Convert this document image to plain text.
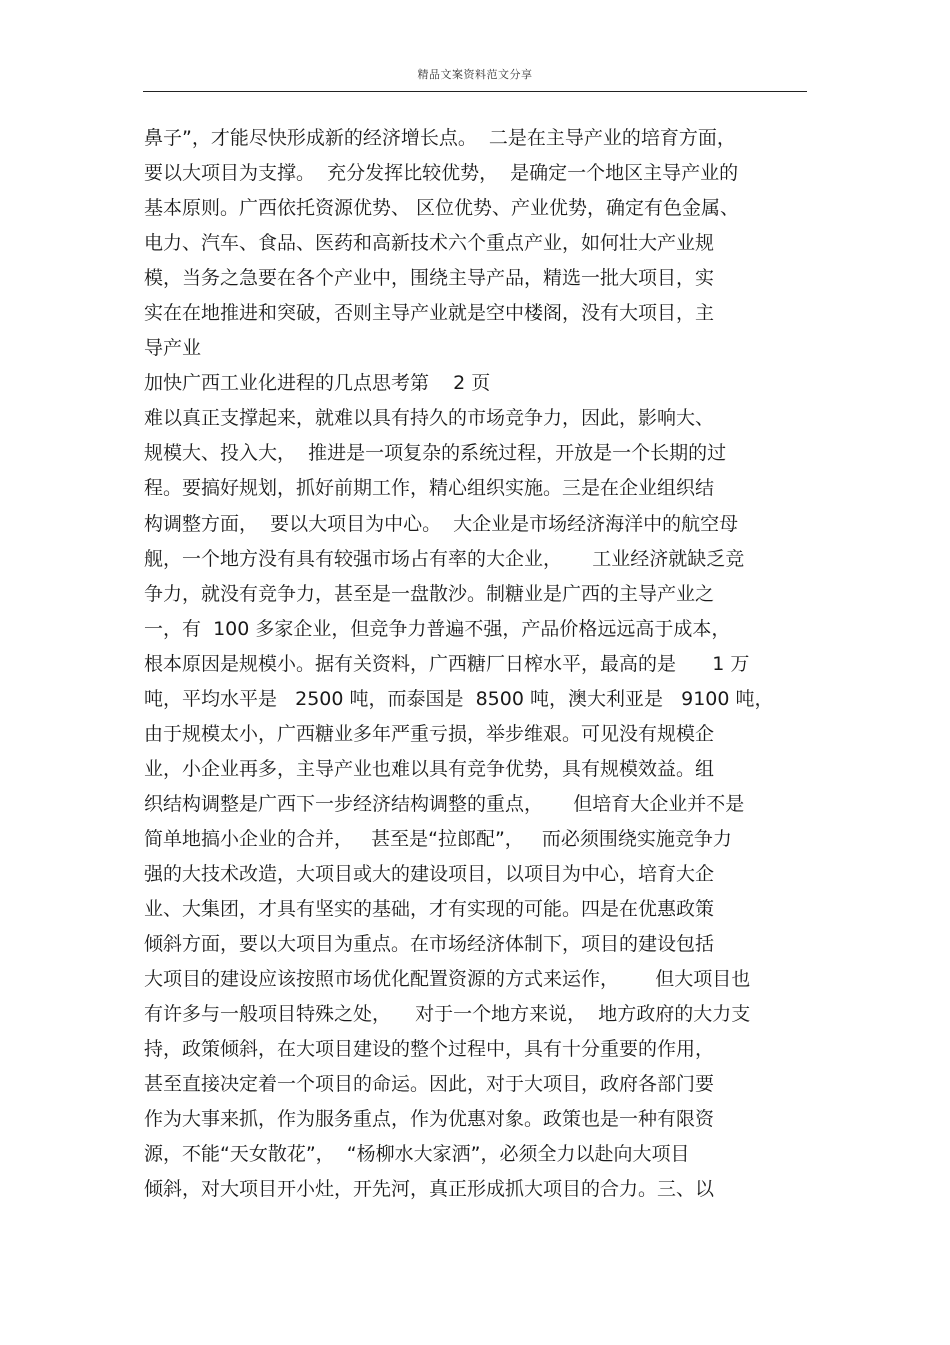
精品文案资料范文分享
鼻子”，才能尽快形成新的经济增长点。  二是在主导产业的培育方面，
要以大项目为支撑。  充分发挥比较优势，  是确定一个地区主导产业的
基本原则。广西依托资源优势、 区位优势、产业优势，确定有色金属、
电力、汽车、食品、医药和高新技术六个重点产业，如何壮大产业规
模，当务之急要在各个产业中，围绕主导产品，精选一批大项目，实
实在在地推进和突破，否则主导产业就是空中楼阁，没有大项目，主
导产业
加快广西工业化进程的几点思考第    2 页
难以真正支撑起来，就难以具有持久的市场竞争力，因此，影响大、
规模大、投入大，  推进是一项复杂的系统过程，开放是一个长期的过
程。要搞好规划，抓好前期工作，精心组织实施。三是在企业组织结
构调整方面，  要以大项目为中心。  大企业是市场经济海洋中的航空母
舰，一个地方没有具有较强市场占有率的大企业，     工业经济就缺乏竞
争力，就没有竞争力，甚至是一盘散沙。制糖业是广西的主导产业之
一，有  100 多家企业，但竞争力普遍不强，产品价格远远高于成本，
根本原因是规模小。据有关资料，广西糖厂日榨水平，最高的是      1 万
吨，平均水平是   2500 吨，而泰国是  8500 吨，澳大利亚是   9100 吨，
由于规模太小，广西糖业多年严重亏损，举步维艰。可见没有规模企
业，小企业再多，主导产业也难以具有竞争优势，具有规模效益。组
织结构调整是广西下一步经济结构调整的重点，     但培育大企业并不是
简单地搞小企业的合并，   甚至是“拉郎配”，   而必须围绕实施竞争力
强的大技术改造，大项目或大的建设项目，以项目为中心，培育大企
业、大集团，才具有坚实的基础，才有实现的可能。四是在优惠政策
倾斜方面，要以大项目为重点。在市场经济体制下，项目的建设包括
大项目的建设应该按照市场优化配置资源的方式来运作，      但大项目也
有许多与一般项目特殊之处，    对于一个地方来说，  地方政府的大力支
持，政策倾斜，在大项目建设的整个过程中，具有十分重要的作用，
甚至直接决定着一个项目的命运。因此，对于大项目，政府各部门要
作为大事来抓，作为服务重点，作为优惠对象。政策也是一种有限资
源，不能“天女散花”，  “杨柳水大家洒”，必须全力以赴向大项目
倾斜，对大项目开小灶，开先河，真正形成抓大项目的合力。三、以
